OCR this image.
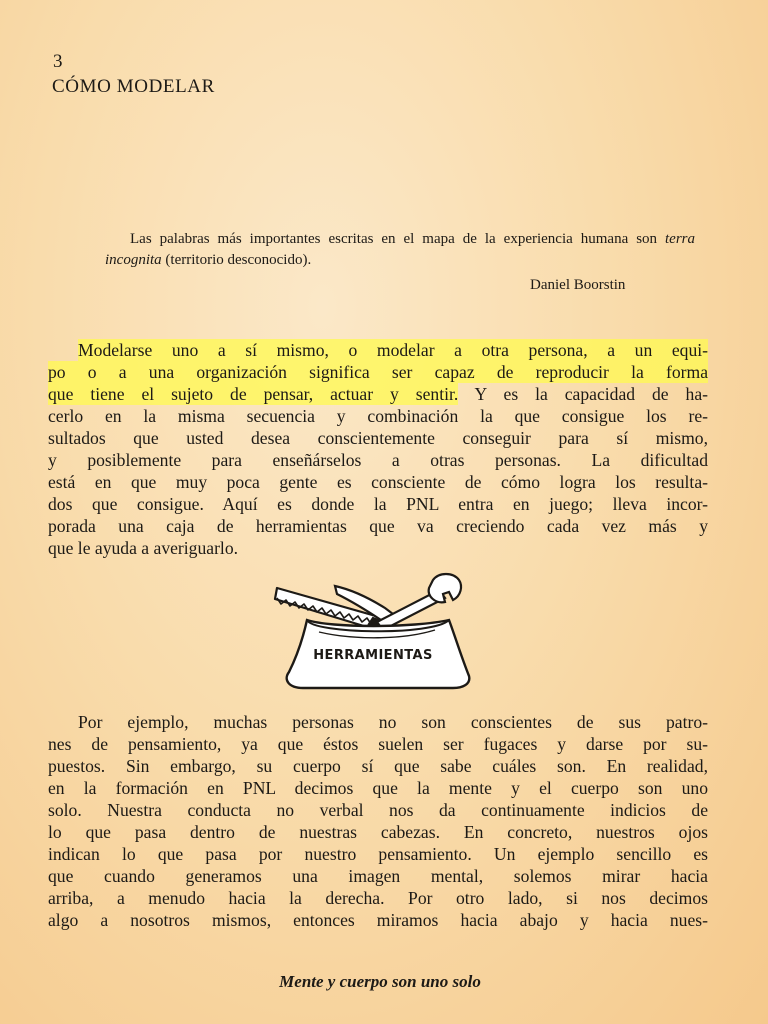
3
CÓMO MODELAR

Las palabras más importantes escritas en el mapa de la experiencia humana son terra incognita (territorio desconocido).

Daniel Boorstin
Modelarse uno a sí mismo, o modelar a otra persona, a un equi-
po o a una organización significa ser capaz de reproducir la forma
que tiene el sujeto de pensar, actuar y sentir. Y es la capacidad de ha-
cerlo en la misma secuencia y combinación la que consigue los re-
sultados que usted desea conscientemente conseguir para sí mismo,
y posiblemente para enseñárselos a otras personas. La dificultad
está en que muy poca gente es consciente de cómo logra los resulta-
dos que consigue. Aquí es donde la PNL entra en juego; lleva incor-
porada una caja de herramientas que va creciendo cada vez más y
que le ayuda a averiguarlo.
HERRAMIENTAS
Por ejemplo, muchas personas no son conscientes de sus patro-
nes de pensamiento, ya que éstos suelen ser fugaces y darse por su-
puestos. Sin embargo, su cuerpo sí que sabe cuáles son. En realidad,
en la formación en PNL decimos que la mente y el cuerpo son uno
solo. Nuestra conducta no verbal nos da continuamente indicios de
lo que pasa dentro de nuestras cabezas. En concreto, nuestros ojos
indican lo que pasa por nuestro pensamiento. Un ejemplo sencillo es
que cuando generamos una imagen mental, solemos mirar hacia
arriba, a menudo hacia la derecha. Por otro lado, si nos decimos
algo a nosotros mismos, entonces miramos hacia abajo y hacia nues-
Mente y cuerpo son uno solo
